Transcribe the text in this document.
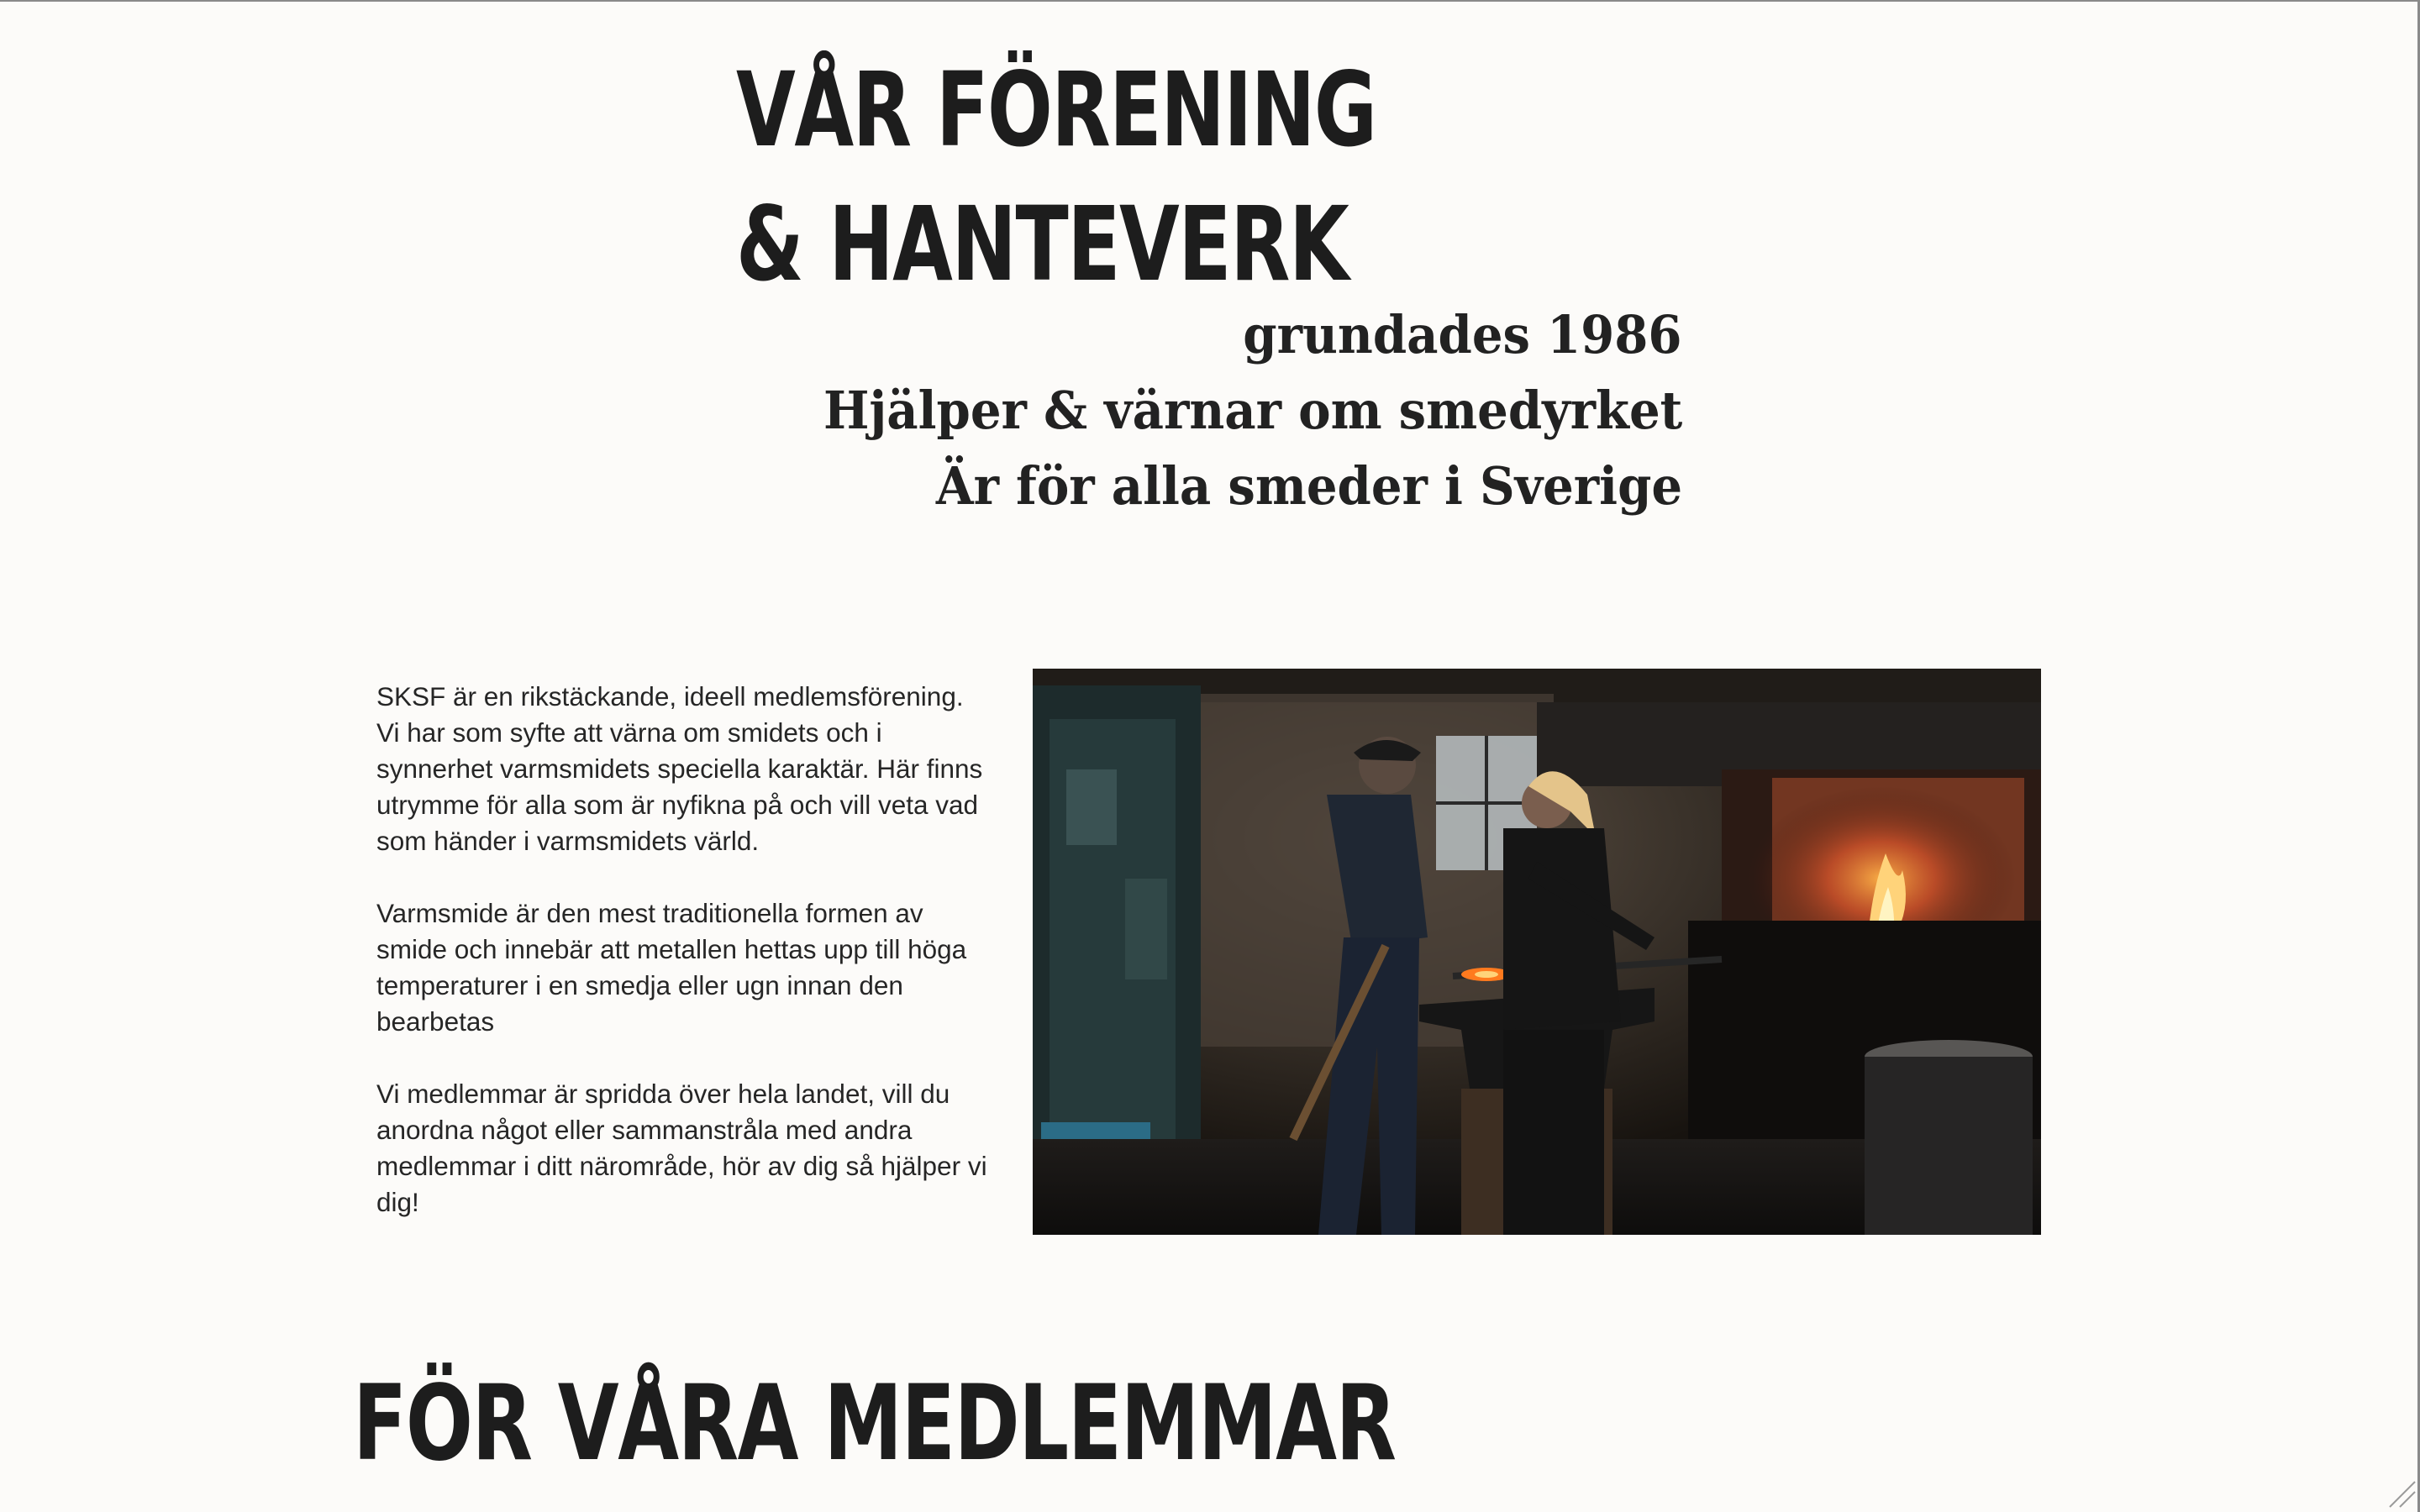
VÅR FÖRENING
& HANTEVERK

grundades 1986

Hjälper & värnar om smedyrket

Är för alla smeder i Sverige

SKSF är en rikstäckande, ideell medlemsförening. Vi har som syfte att värna om smidets och i synnerhet varmsmidets speciella karaktär. Här finns utrymme för alla som är nyfikna på och vill veta vad som händer i varmsmidets värld.

Varmsmide är den mest traditionella formen av smide och innebär att metallen hettas upp till höga temperaturer i en smedja eller ugn innan den bearbetas

Vi medlemmar är spridda över hela landet, vill du anordna något eller sammanstråla med andra medlemmar i ditt närområde, hör av dig så hjälper vi dig!

FÖR VÅRA MEDLEMMAR
